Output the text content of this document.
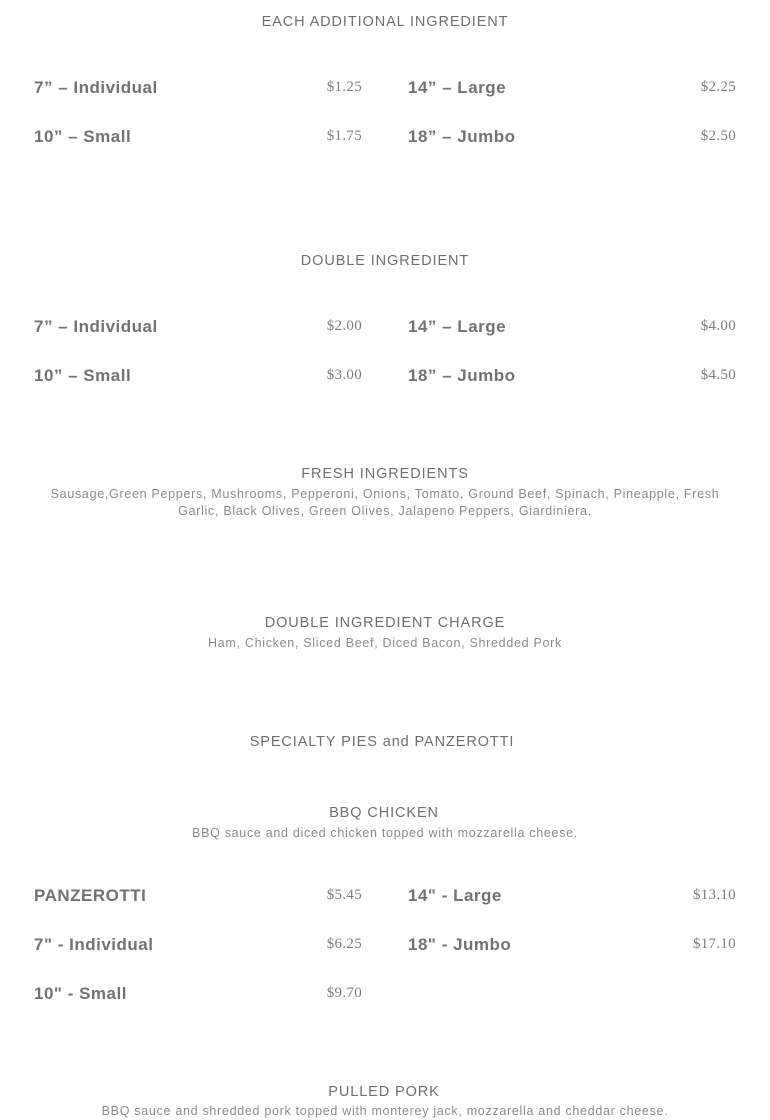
EACH ADDITIONAL INGREDIENT
7” – Individual	$1.25
10” – Small	$1.75
14” – Large	$2.25
18” – Jumbo	$2.50
DOUBLE INGREDIENT
7” – Individual	$2.00
10” – Small	$3.00
14” – Large	$4.00
18” – Jumbo	$4.50
FRESH INGREDIENTS
Sausage,Green Peppers, Mushrooms, Pepperoni, Onions, Tomato, Ground Beef, Spinach, Pineapple, Fresh
Garlic, Black Olives, Green Olives, Jalapeno Peppers, Giardiniera.
DOUBLE INGREDIENT CHARGE
Ham, Chicken, Sliced Beef, Diced Bacon, Shredded Pork
SPECIALTY PIES and PANZEROTTI
BBQ CHICKEN
BBQ sauce and diced chicken topped with mozzarella cheese.
PANZEROTTI	$5.45
7" - Individual	$6.25
10" - Small	$9.70
14" - Large	$13.10
18" - Jumbo	$17.10
PULLED PORK
BBQ sauce and shredded pork topped with monterey jack, mozzarella and cheddar cheese.
